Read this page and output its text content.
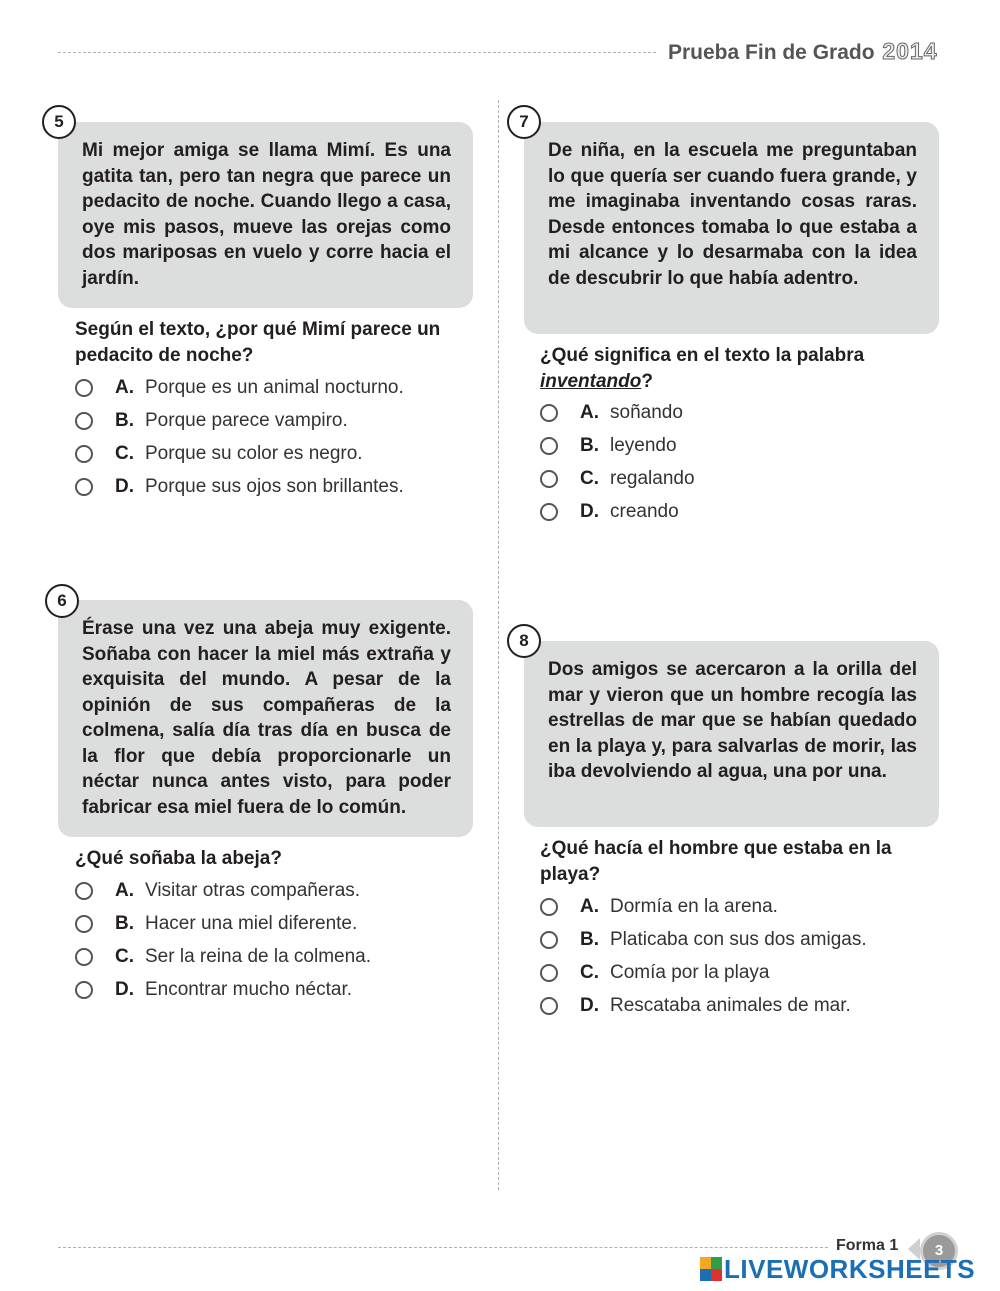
Prueba Fin de Grado 2014
5
Mi mejor amiga se llama Mimí. Es una gatita tan, pero tan negra que parece un pedacito de noche. Cuando llego a casa, oye mis pasos, mueve las orejas como dos mariposas en vuelo y corre hacia el jardín.
Según el texto, ¿por qué Mimí parece un pedacito de noche?
A. Porque es un animal nocturno.
B. Porque parece vampiro.
C. Porque su color es negro.
D. Porque sus ojos son brillantes.
6
Érase una vez una abeja muy exigente. Soñaba con hacer la miel más extraña y exquisita del mundo. A pesar de la opinión de sus compañeras de la colmena, salía día tras día en busca de la flor que debía proporcionarle un néctar nunca antes visto, para poder fabricar esa miel fuera de lo común.
¿Qué soñaba la abeja?
A. Visitar otras compañeras.
B. Hacer una miel diferente.
C. Ser la reina de la colmena.
D. Encontrar mucho néctar.
7
De niña, en la escuela me preguntaban lo que quería ser cuando fuera grande, y me imaginaba inventando cosas raras. Desde entonces tomaba lo que estaba a mi alcance y lo desarmaba con la idea de descubrir lo que había adentro.
¿Qué significa en el texto la palabra inventando?
A. soñando
B. leyendo
C. regalando
D. creando
8
Dos amigos se acercaron a la orilla del mar y vieron que un hombre recogía las estrellas de mar que se habían quedado en la playa y, para salvarlas de morir, las iba devolviendo al agua, una por una.
¿Qué hacía el hombre que estaba en la playa?
A. Dormía en la arena.
B. Platicaba con sus dos amigas.
C. Comía por la playa
D. Rescataba animales de mar.
Forma 1	3
LIVEWORKSHEETS
